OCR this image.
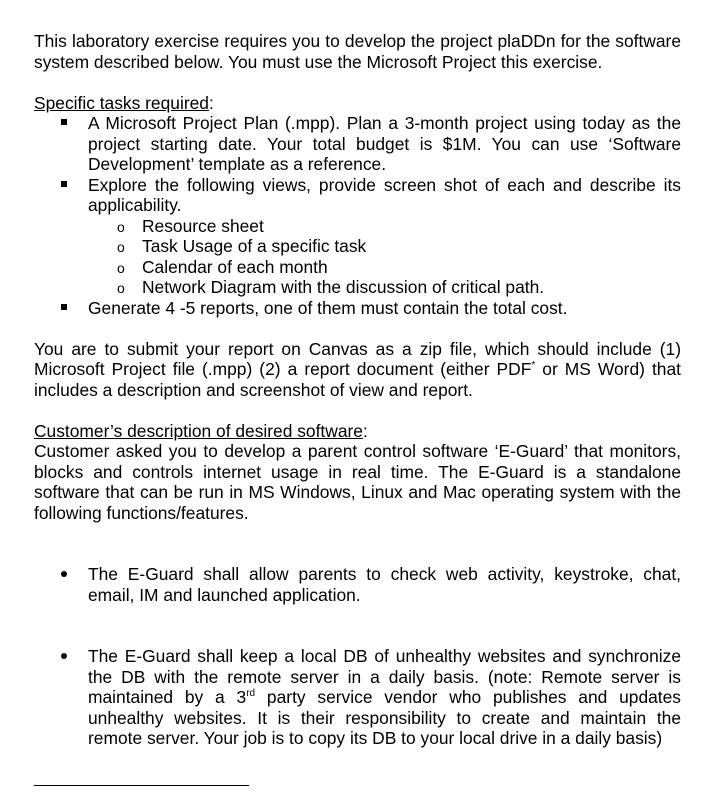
This laboratory exercise requires you to develop the project plaDDn for the software system described below. You must use the Microsoft Project this exercise.

Specific tasks required:

A Microsoft Project Plan (.mpp). Plan a 3-month project using today as the project starting date. Your total budget is $1M. You can use ‘Software Development’ template as a reference.
Explore the following views, provide screen shot of each and describe its applicability.
o Resource sheet
o Task Usage of a specific task
o Calendar of each month
o Network Diagram with the discussion of critical path.
Generate 4 -5 reports, one of them must contain the total cost.

You are to submit your report on Canvas as a zip file, which should include (1) Microsoft Project file (.mpp) (2) a report document (either PDF* or MS Word) that includes a description and screenshot of view and report.

Customer’s description of desired software:

Customer asked you to develop a parent control software ‘E-Guard’ that monitors, blocks and controls internet usage in real time. The E-Guard is a standalone software that can be run in MS Windows, Linux and Mac operating system with the following functions/features.

The E-Guard shall allow parents to check web activity, keystroke, chat, email, IM and launched application.
The E-Guard shall keep a local DB of unhealthy websites and synchronize the DB with the remote server in a daily basis. (note: Remote server is maintained by a 3rd party service vendor who publishes and updates unhealthy websites. It is their responsibility to create and maintain the remote server. Your job is to copy its DB to your local drive in a daily basis)
